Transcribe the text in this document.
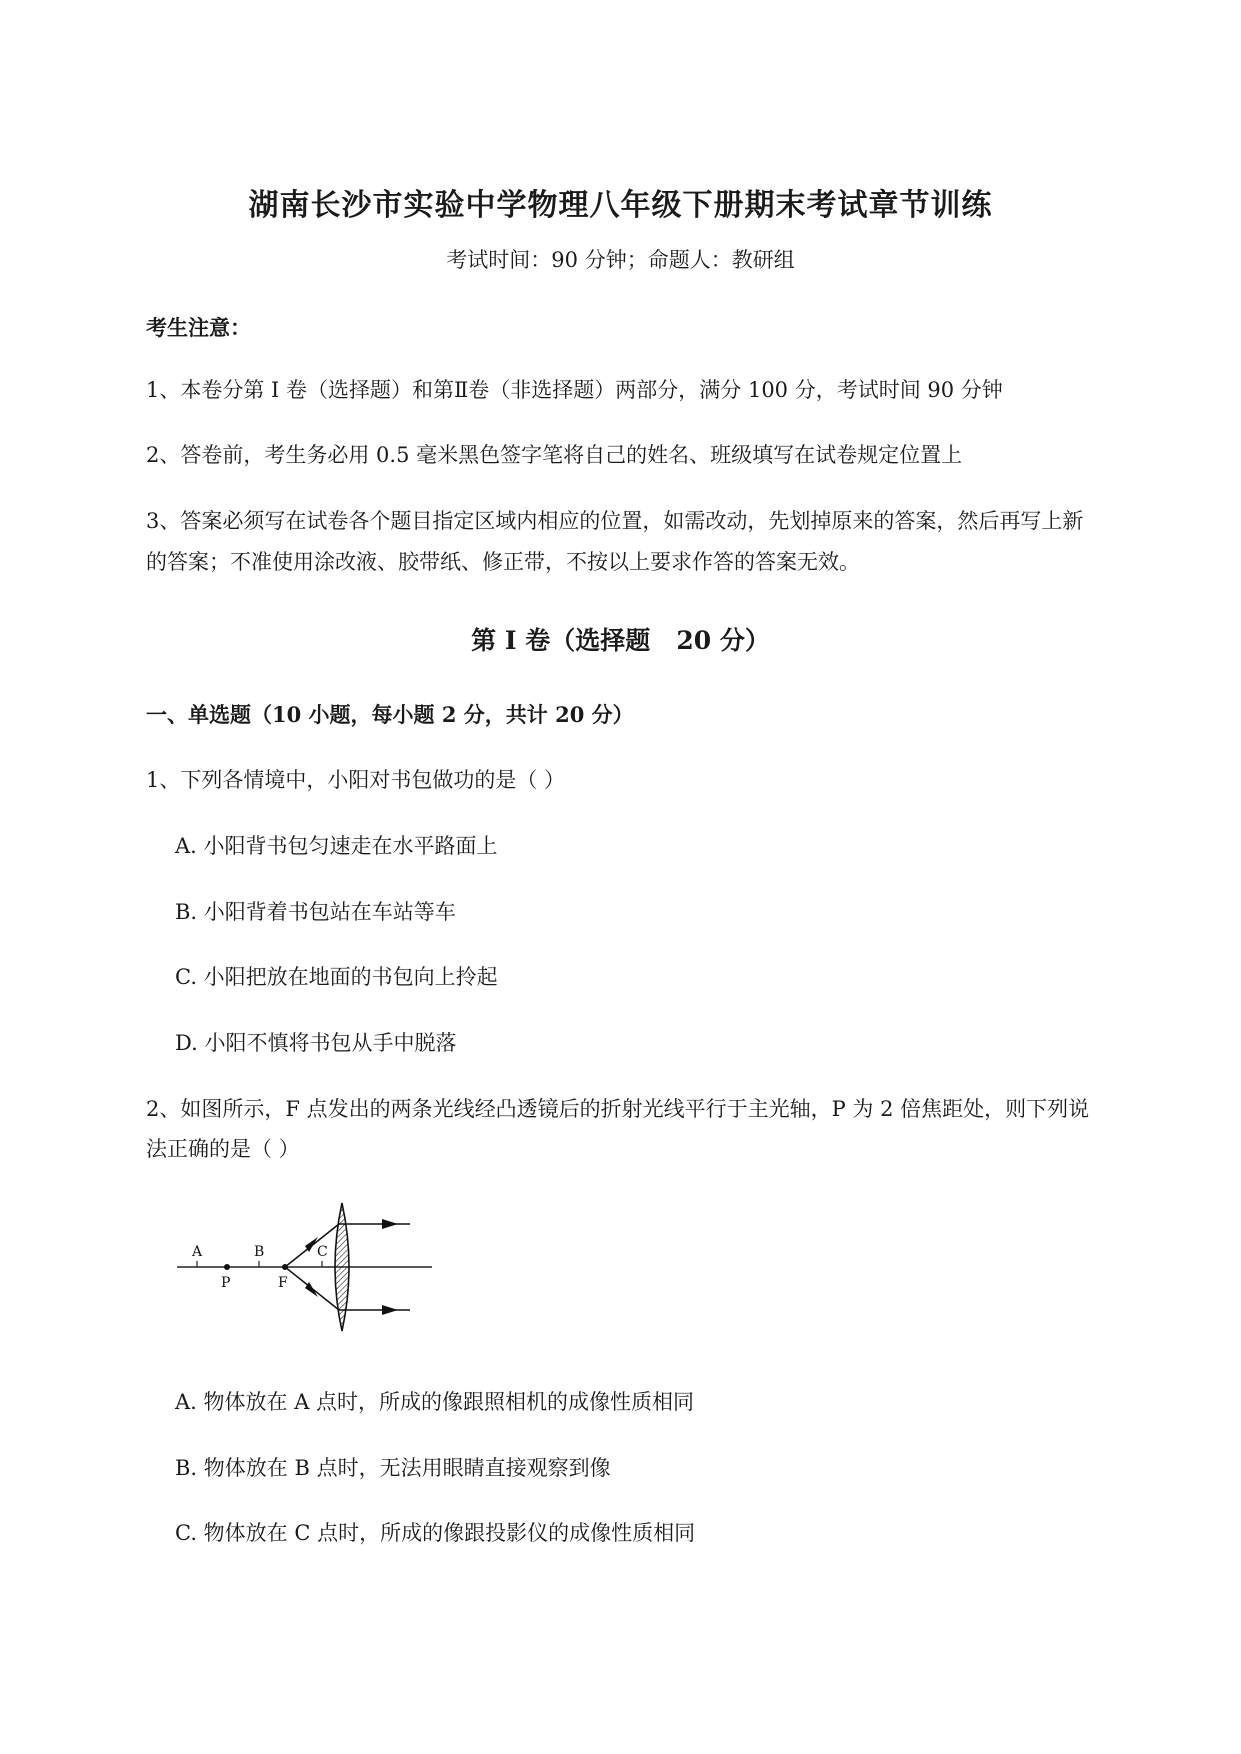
湖南长沙市实验中学物理八年级下册期末考试章节训练
考试时间：90 分钟；命题人：教研组
考生注意：
1、本卷分第 I 卷（选择题）和第Ⅱ卷（非选择题）两部分，满分 100 分，考试时间 90 分钟
2、答卷前，考生务必用 0.5 毫米黑色签字笔将自己的姓名、班级填写在试卷规定位置上
3、答案必须写在试卷各个题目指定区域内相应的位置，如需改动，先划掉原来的答案，然后再写上新
的答案；不准使用涂改液、胶带纸、修正带，不按以上要求作答的答案无效。
第 I 卷（选择题   20 分）
一、单选题（10 小题，每小题 2 分，共计 20 分）
1、下列各情境中，小阳对书包做功的是（ ）
A. 小阳背书包匀速走在水平路面上
B. 小阳背着书包站在车站等车
C. 小阳把放在地面的书包向上拎起
D. 小阳不慎将书包从手中脱落
2、如图所示，F 点发出的两条光线经凸透镜后的折射光线平行于主光轴，P 为 2 倍焦距处，则下列说
法正确的是（ ）
A	B	C
P	F
A. 物体放在 A 点时，所成的像跟照相机的成像性质相同
B. 物体放在 B 点时，无法用眼睛直接观察到像
C. 物体放在 C 点时，所成的像跟投影仪的成像性质相同
